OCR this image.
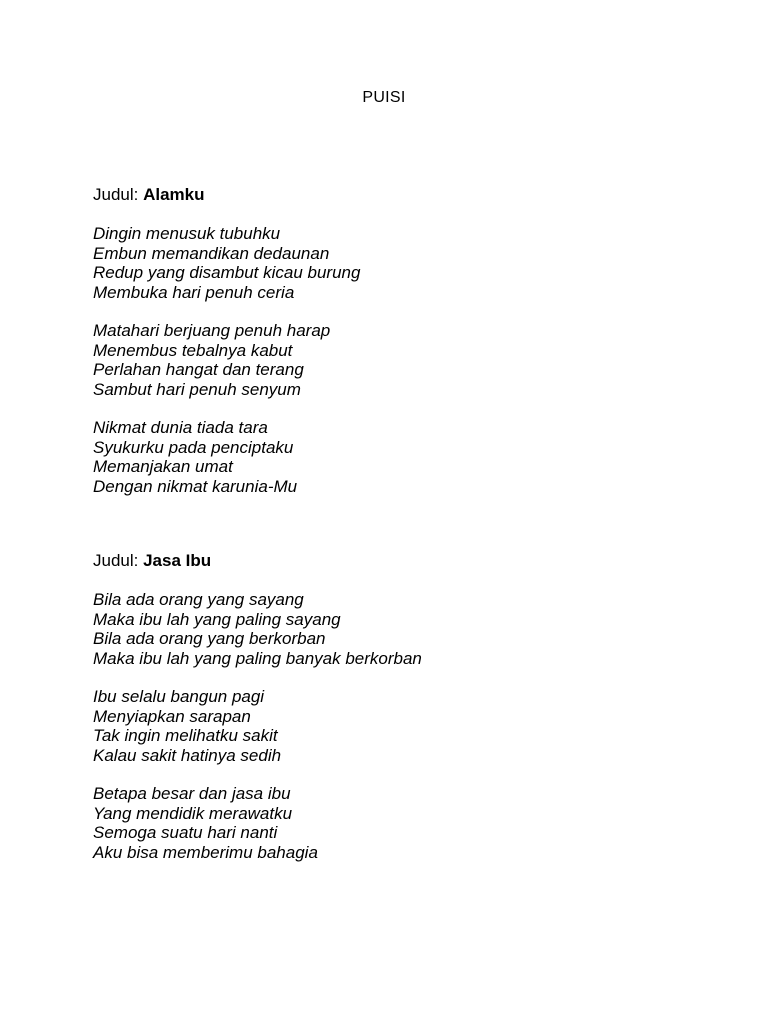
PUISI
Judul: Alamku
Dingin menusuk tubuhku
Embun memandikan dedaunan
Redup yang disambut kicau burung
Membuka hari penuh ceria
Matahari berjuang penuh harap
Menembus tebalnya kabut
Perlahan hangat dan terang
Sambut hari penuh senyum
Nikmat dunia tiada tara
Syukurku pada penciptaku
Memanjakan umat
Dengan nikmat karunia-Mu
Judul: Jasa Ibu
Bila ada orang yang sayang
Maka ibu lah yang paling sayang
Bila ada orang yang berkorban
Maka ibu lah yang paling banyak berkorban
Ibu selalu bangun pagi
Menyiapkan sarapan
Tak ingin melihatku sakit
Kalau sakit hatinya sedih
Betapa besar dan jasa ibu
Yang mendidik merawatku
Semoga suatu hari nanti
Aku bisa memberimu bahagia
